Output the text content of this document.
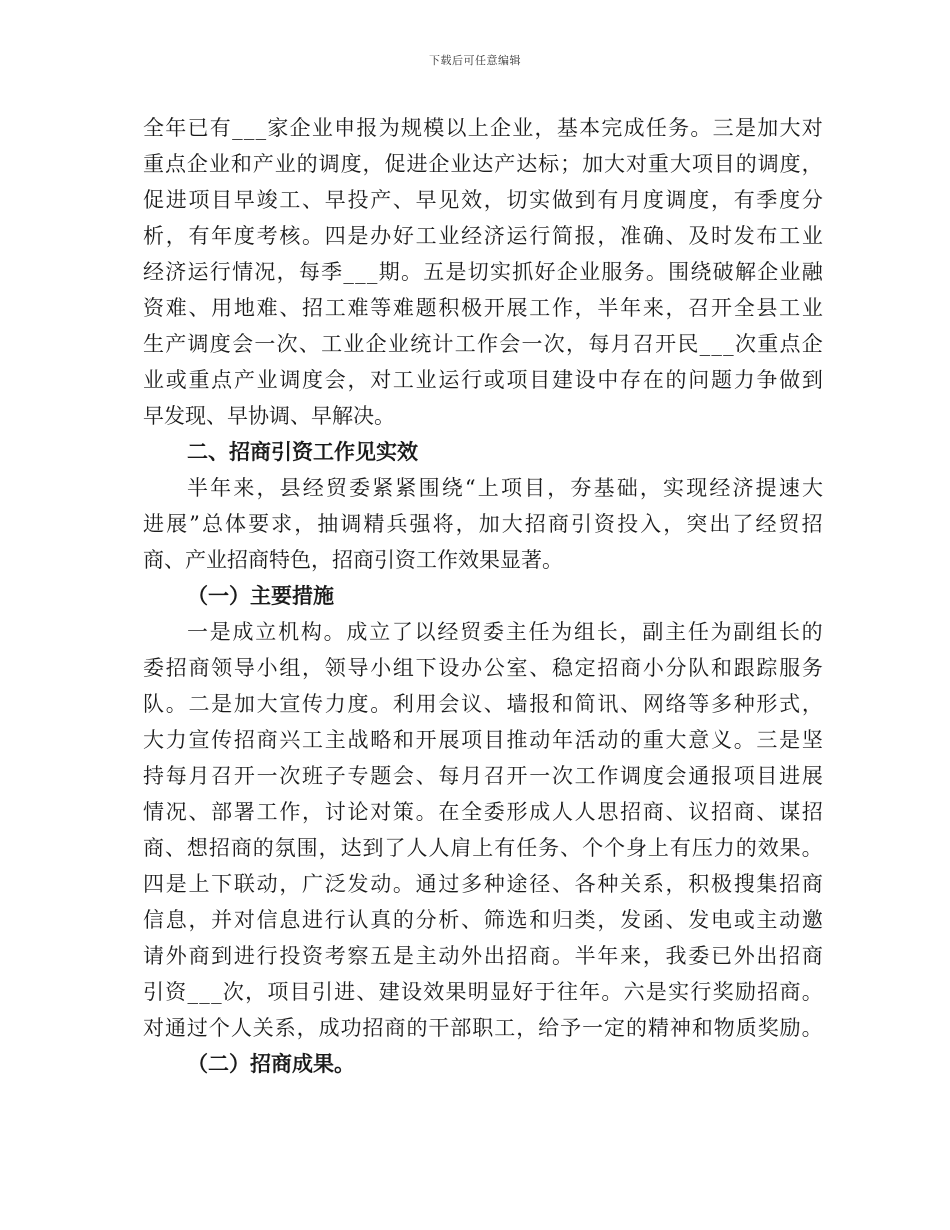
下载后可任意编辑
全 年 已 有 _ _ _ 家 企 业 申 报 为 规 模 以 上 企 业 ， 基 本 完 成 任 务 。 三 是 加 大 对
重 点 企 业 和 产 业 的 调 度 ， 促 进 企 业 达 产 达 标 ； 加 大 对 重 大 项 目 的 调 度 ，
促 进 项 目 早 竣 工 、 早 投 产 、 早 见 效 ， 切 实 做 到 有 月 度 调 度 ， 有 季 度 分
析 ， 有 年 度 考 核 。 四 是 办 好 工 业 经 济 运 行 简 报 ， 准 确 、 及 时 发 布 工 业
经 济 运 行 情 况 ， 每 季 _ _ _ 期 。 五 是 切 实 抓 好 企 业 服 务 。 围 绕 破 解 企 业 融
资 难 、 用 地 难 、 招 工 难 等 难 题 积 极 开 展 工 作 ， 半 年 来 ， 召 开 全 县 工 业
生 产 调 度 会 一 次 、 工 业 企 业 统 计 工 作 会 一 次 ， 每 月 召 开 民 _ _ _ 次 重 点 企
业 或 重 点 产 业 调 度 会 ， 对 工 业 运 行 或 项 目 建 设 中 存 在 的 问 题 力 争 做 到
早发现、早协调、早解决。
二、招商引资工作见实效
半 年 来 ， 县 经 贸 委 紧 紧 围 绕 “ 上 项 目 ， 夯 基 础 ， 实 现 经 济 提 速 大
进 展 ” 总 体 要 求 ， 抽 调 精 兵 强 将 ， 加 大 招 商 引 资 投 入 ， 突 出 了 经 贸 招
商、产业招商特色，招商引资工作效果显著。
（一）主要措施
一 是 成 立 机 构 。 成 立 了 以 经 贸 委 主 任 为 组 长 ， 副 主 任 为 副 组 长 的
委 招 商 领 导 小 组 ， 领 导 小 组 下 设 办 公 室 、 稳 定 招 商 小 分 队 和 跟 踪 服 务
队 。 二 是 加 大 宣 传 力 度 。 利 用 会 议 、 墙 报 和 简 讯 、 网 络 等 多 种 形 式 ，
大 力 宣 传 招 商 兴 工 主 战 略 和 开 展 项 目 推 动 年 活 动 的 重 大 意 义 。 三 是 坚
持 每 月 召 开 一 次 班 子 专 题 会 、 每 月 召 开 一 次 工 作 调 度 会 通 报 项 目 进 展
情 况 、 部 署 工 作 ， 讨 论 对 策 。 在 全 委 形 成 人 人 思 招 商 、 议 招 商 、 谋 招
商 、 想 招 商 的 氛 围 ， 达 到 了 人 人 肩 上 有 任 务 、 个 个 身 上 有 压 力 的 效 果 。
四 是 上 下 联 动 ， 广 泛 发 动 。 通 过 多 种 途 径 、 各 种 关 系 ， 积 极 搜 集 招 商
信 息 ， 并 对 信 息 进 行 认 真 的 分 析 、 筛 选 和 归 类 ， 发 函 、 发 电 或 主 动 邀
请 外 商 到 进 行 投 资 考 察 五 是 主 动 外 出 招 商 。 半 年 来 ， 我 委 已 外 出 招 商
引 资 _ _ _ 次 ， 项 目 引 进 、 建 设 效 果 明 显 好 于 往 年 。 六 是 实 行 奖 励 招 商 。
对 通 过 个 人 关 系 ， 成 功 招 商 的 干 部 职 工 ， 给 予 一 定 的 精 神 和 物 质 奖 励 。
（二）招商成果。
